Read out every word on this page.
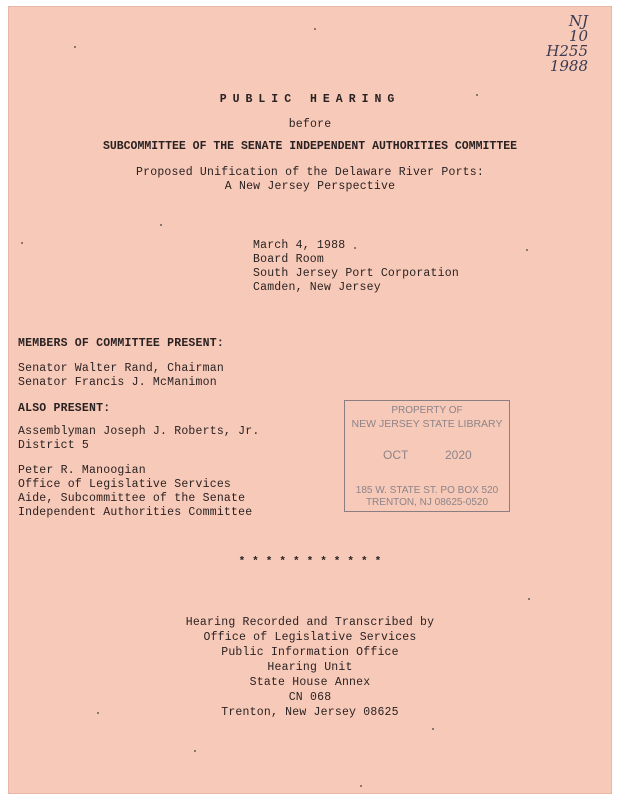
NJ
10
H255
1988
PUBLIC HEARING
before
SUBCOMMITTEE OF THE SENATE INDEPENDENT AUTHORITIES COMMITTEE
Proposed Unification of the Delaware River Ports:
A New Jersey Perspective
March 4, 1988
Board Room
South Jersey Port Corporation
Camden, New Jersey
MEMBERS OF COMMITTEE PRESENT:
Senator Walter Rand, Chairman
Senator Francis J. McManimon
ALSO PRESENT:
Assemblyman Joseph J. Roberts, Jr.
District 5
Peter R. Manoogian
Office of Legislative Services
Aide, Subcommittee of the Senate
Independent Authorities Committee
PROPERTY OF
NEW JERSEY STATE LIBRARY
OCT	2020
185 W. STATE ST. PO BOX 520
TRENTON, NJ 08625-0520
* * * * * * * * * * *
Hearing Recorded and Transcribed by
Office of Legislative Services
Public Information Office
Hearing Unit
State House Annex
CN 068
Trenton, New Jersey 08625
